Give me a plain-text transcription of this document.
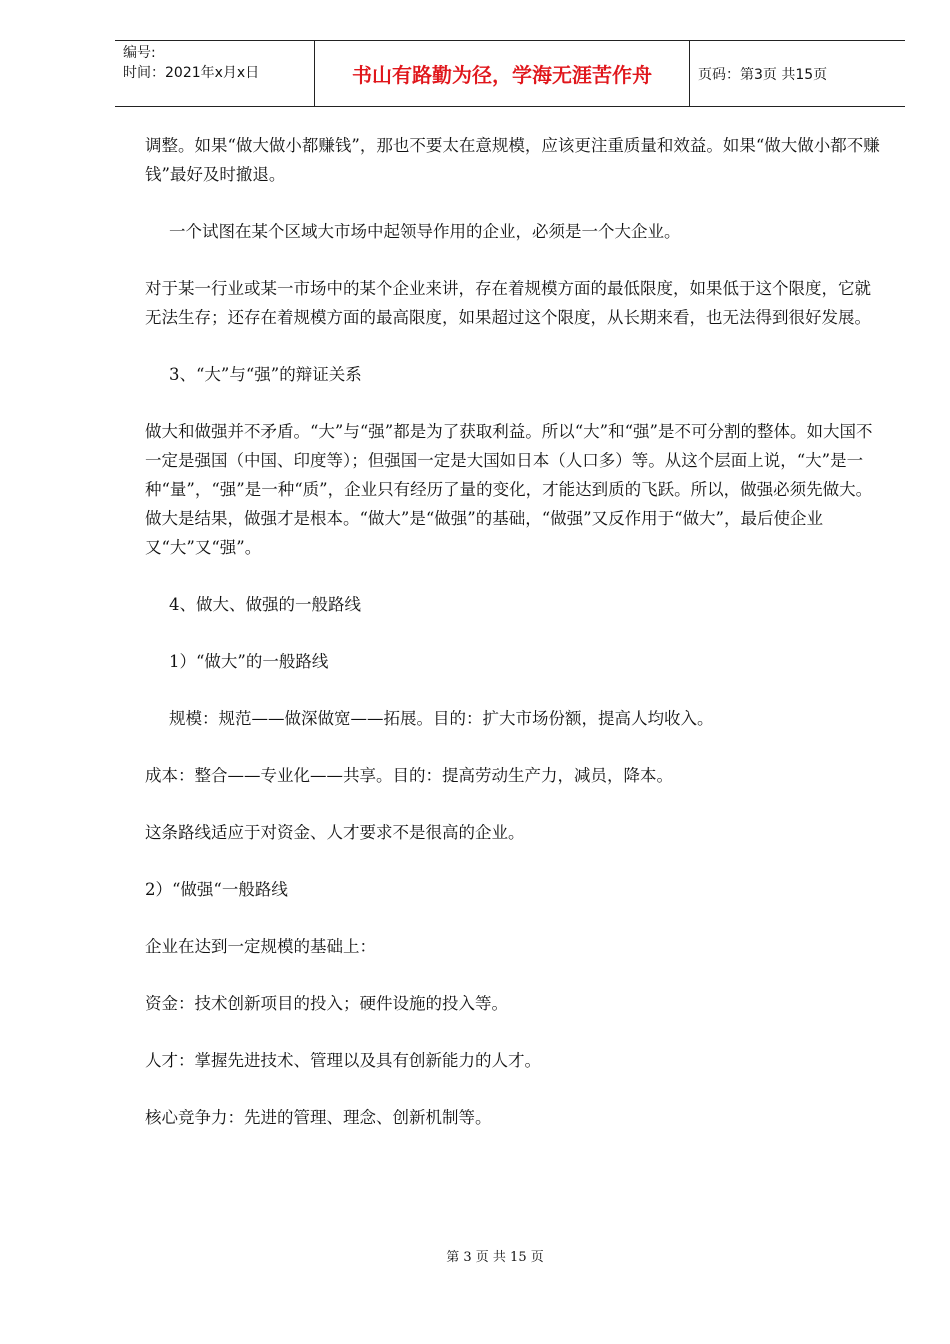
编号:
时间：2021年x月x日	书山有路勤为径，学海无涯苦作舟	页码：第3页 共15页

调整。如果“做大做小都赚钱”，那也不要太在意规模，应该更注重质量和效益。如果“做大做小都不赚钱”最好及时撤退。

一个试图在某个区域大市场中起领导作用的企业，必须是一个大企业。

对于某一行业或某一市场中的某个企业来讲，存在着规模方面的最低限度，如果低于这个限度，它就无法生存；还存在着规模方面的最高限度，如果超过这个限度，从长期来看，也无法得到很好发展。

3、“大”与“强”的辩证关系

做大和做强并不矛盾。“大”与“强”都是为了获取利益。所以“大”和“强”是不可分割的整体。如大国不一定是强国（中国、印度等）；但强国一定是大国如日本（人口多）等。从这个层面上说，“大”是一种“量”，“强”是一种“质”，企业只有经历了量的变化，才能达到质的飞跃。所以，做强必须先做大。做大是结果，做强才是根本。“做大”是“做强”的基础，“做强”又反作用于“做大”，最后使企业又“大”又“强”。

4、做大、做强的一般路线

1）“做大”的一般路线

规模：规范——做深做宽——拓展。目的：扩大市场份额，提高人均收入。

成本：整合——专业化——共享。目的：提高劳动生产力，减员，降本。

这条路线适应于对资金、人才要求不是很高的企业。

2）“做强“一般路线

企业在达到一定规模的基础上：

资金：技术创新项目的投入；硬件设施的投入等。

人才：掌握先进技术、管理以及具有创新能力的人才。

核心竞争力：先进的管理、理念、创新机制等。

第 3 页 共 15 页
